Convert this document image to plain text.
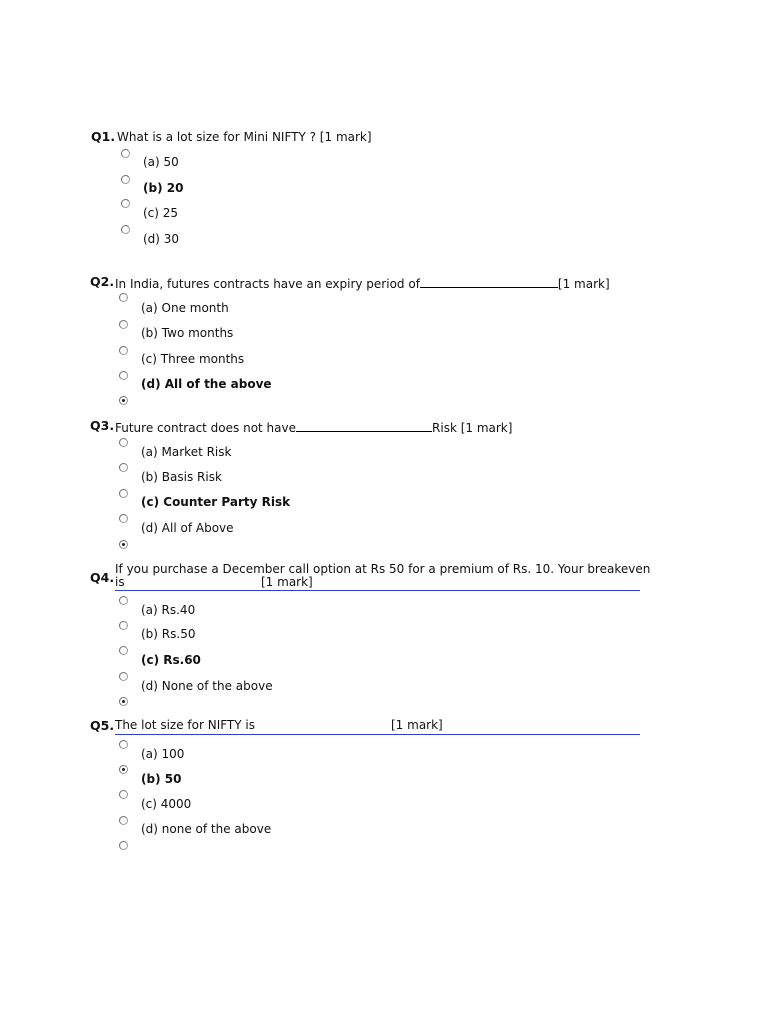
Q1. What is a lot size for Mini NIFTY ? [1 mark]
(a) 50
(b) 20
(c) 25
(d) 30
Q2. In India, futures contracts have an expiry period of	[1 mark]
(a) One month
(b) Two months
(c) Three months
(d) All of the above
Q3. Future contract does not have	Risk [1 mark]
(a) Market Risk
(b) Basis Risk
(c) Counter Party Risk
(d) All of Above
Q4.
If you purchase a December call option at Rs 50 for a premium of Rs. 10. Your breakeven
is	[1 mark]
(a) Rs.40
(b) Rs.50
(c) Rs.60
(d) None of the above
Q5. The lot size for NIFTY is	[1 mark]
(a) 100
(b) 50
(c) 4000
(d) none of the above
